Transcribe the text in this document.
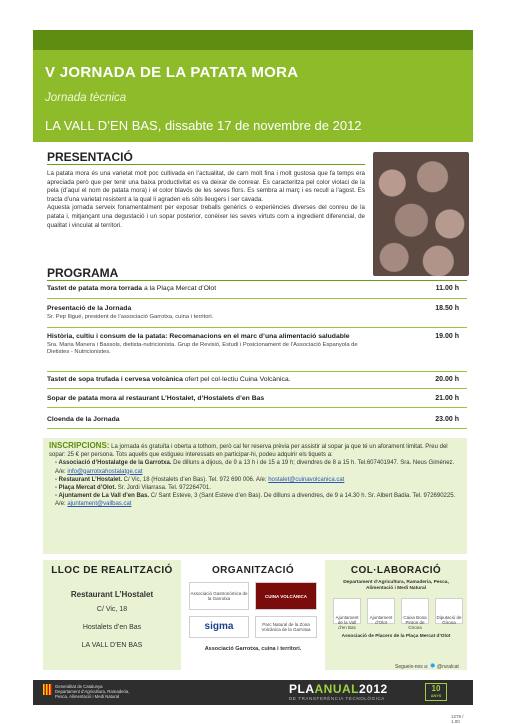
V JORNADA DE LA PATATA MORA
Jornada tècnica
LA VALL D’EN BAS, dissabte 17 de novembre de 2012
PRESENTACIÓ

La patata mora és una varietat molt poc cultivada en l’actualitat, de carn molt fina i molt gustosa que fa temps era apreciada però que per tenir una baixa productivitat es va deixar de conrear. Es caracteritza pel color violaci de la pela (d’aquí el nom de patata mora) i el color blavós de les seves flors. Es sembra al març i es recull a l’agost. Es tracta d’una varietat resistent a la qual li agraden els sòls lleugers i ser cavada.

Aquesta jornada serveix fonamentalment per exposar treballs genèrics o experiències diverses del conreu de la patata i, mitjançant una degustació i un sopar posterior, conèixer les seves virtuts com a ingredient diferencial, de qualitat i vinculat al territori.

PROGRAMA
Tastet de patata mora torrada a la Plaça Mercat d’Olot	11.00 h
Presentació de la Jornada	18.50 h
Sr. Pep Iligué, president de l’associació Garrotxa, cuina i territori.
Història, cultiu i consum de la patata: Recomanacions en el marc d’una alimentació saludable	19.00 h
Sra. Maria Manera i Bassols, dietista-nutricionista. Grup de Revisió, Estudi i Posicionament de l’Associació Espanyola de Dietistes - Nutricionistes.
Tastet de sopa trufada i cervesa volcànica ofert pel col·lectiu Cuina Volcànica.	20.00 h
Sopar de patata mora al restaurant L’Hostalet, d’Hostalets d’en Bas	21.00 h
Cloenda de la Jornada	23.00 h
INSCRIPCIONS: La jornada és gratuïta i oberta a tothom, però cal fer reserva prèvia per assistir al sopar ja que té un aforament limitat. Preu del sopar: 25 € per persona. Tots aquells que estigueu interessats en participar-hi, podeu adquirir els tiquets a:
- Associació d’Hostalatge de la Garrotxa. De dilluns a dijous, de 9 a 13 h i de 15 a 19 h; divendres de 8 a 15 h. Tel.607401947. Sra. Neus Giménez. A/e: info@garrotxahostalatge.cat
- Restaurant L’Hostalet. C/ Vic, 18 (Hostalets d’en Bas). Tel. 972 690 006. A/e: hostalet@cuinavolcanica.cat
- Plaça Mercat d’Olot. Sr. Jordi Vilarrasa. Tel. 972264701.
- Ajuntament de La Vall d’en Bas. C/ Sant Esteve, 3 (Sant Esteve d’en Bas). De dilluns a divendres, de 9 a 14.30 h. Sr. Albert Badia. Tel. 972690225. A/e: ajuntament@vallbas.cat
LLOC DE REALITZACIÓ
Restaurant L’Hostalet
C/ Vic, 18
Hostalets d’en Bas
LA VALL D’EN BAS
ORGANITZACIÓ
Associació Gastronòmica de la Garrotxa	CUINA VOLCÀNICA
sigma	Parc Natural de la Zona Volcànica de la Garrotxa
Associació Garrotxa, cuina i territori.
COL·LABORACIÓ
Departament d’Agricultura, Ramaderia, Pesca, Alimentació i Medi Natural
Ajuntament de la Vall d’en Bas
Ajuntament d’Olot
Caixa Bona Pinton de Girona
Diputació de Girona
Associació de Placers de la Plaça Mercat d’Olot
Segueix-nos a: ✹ @ruralcat
Generalitat de Catalunya
Departament d’Agricultura, Ramaderia,
Pesca, Alimentació i Medi Natural
PLAANUAL2012
DE TRANSFERÈNCIA TECNOLÒGICA
10
ANYS
1278 / 1.00
